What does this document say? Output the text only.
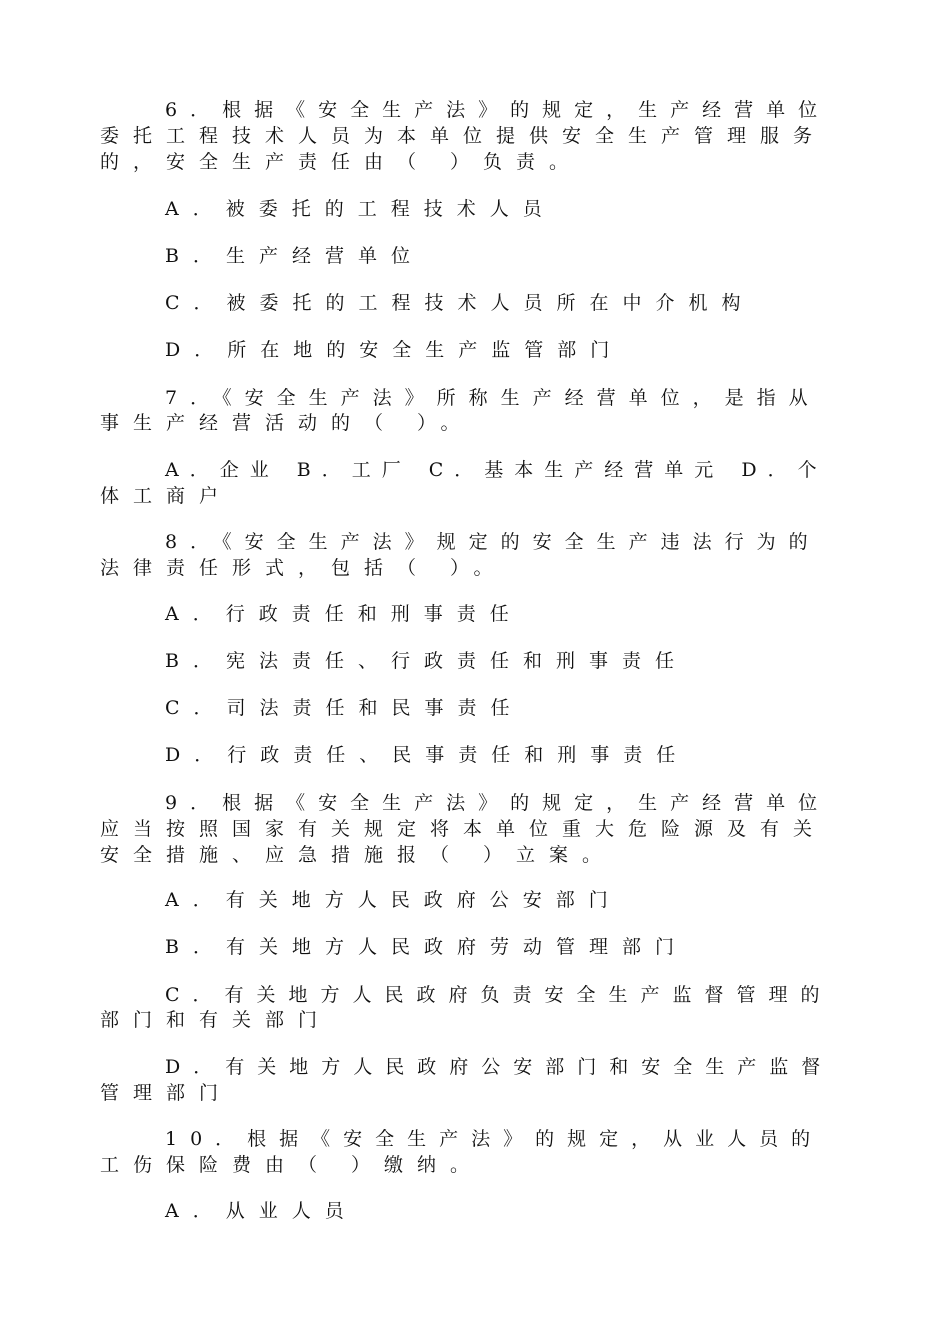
6．根据《安全生产法》的规定，生产经营单位

委托工程技术人员为本单位提供安全生产管理服务

的，安全生产责任由（ ）负责。

A．被委托的工程技术人员

B．生产经营单位

C．被委托的工程技术人员所在中介机构

D．所在地的安全生产监管部门

7．《安全生产法》所称生产经营单位，是指从

事生产经营活动的（ ）。

A．企业 B．工厂 C．基本生产经营单元 D．个

体工商户

8．《安全生产法》规定的安全生产违法行为的

法律责任形式，包括（ ）。

A．行政责任和刑事责任

B．宪法责任、行政责任和刑事责任

C．司法责任和民事责任

D．行政责任、民事责任和刑事责任

9．根据《安全生产法》的规定，生产经营单位

应当按照国家有关规定将本单位重大危险源及有关

安全措施、应急措施报（ ）立案。

A．有关地方人民政府公安部门

B．有关地方人民政府劳动管理部门

C．有关地方人民政府负责安全生产监督管理的

部门和有关部门

D．有关地方人民政府公安部门和安全生产监督

管理部门

10．根据《安全生产法》的规定，从业人员的

工伤保险费由（ ）缴纳。

A．从业人员
